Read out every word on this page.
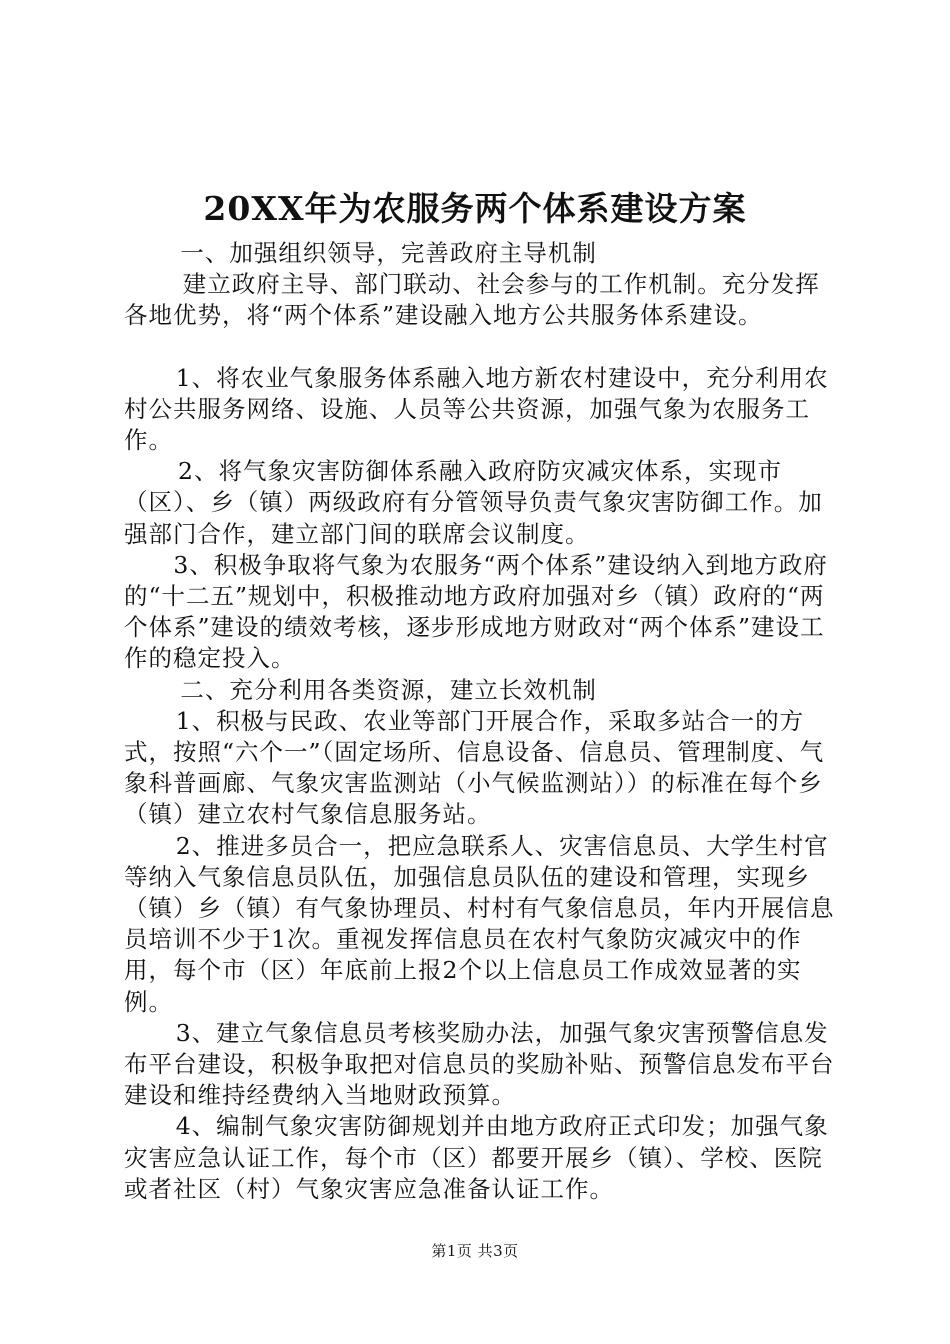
20XX年为农服务两个体系建设方案

一、加强组织领导，完善政府主导机制

建立政府主导、部门联动、社会参与的工作机制。充分发挥各地优势，将“两个体系”建设融入地方公共服务体系建设。

1、将农业气象服务体系融入地方新农村建设中，充分利用农村公共服务网络、设施、人员等公共资源，加强气象为农服务工作。

2、将气象灾害防御体系融入政府防灾减灾体系，实现市（区）、乡（镇）两级政府有分管领导负责气象灾害防御工作。加强部门合作，建立部门间的联席会议制度。

3、积极争取将气象为农服务“两个体系”建设纳入到地方政府的“十二五”规划中，积极推动地方政府加强对乡（镇）政府的“两个体系”建设的绩效考核，逐步形成地方财政对“两个体系”建设工作的稳定投入。

二、充分利用各类资源，建立长效机制

1、积极与民政、农业等部门开展合作，采取多站合一的方式，按照“六个一”（固定场所、信息设备、信息员、管理制度、气象科普画廊、气象灾害监测站（小气候监测站））的标准在每个乡（镇）建立农村气象信息服务站。

2、推进多员合一，把应急联系人、灾害信息员、大学生村官等纳入气象信息员队伍，加强信息员队伍的建设和管理，实现乡（镇）乡（镇）有气象协理员、村村有气象信息员，年内开展信息员培训不少于1次。重视发挥信息员在农村气象防灾减灾中的作用，每个市（区）年底前上报2个以上信息员工作成效显著的实例。

3、建立气象信息员考核奖励办法，加强气象灾害预警信息发布平台建设，积极争取把对信息员的奖励补贴、预警信息发布平台建设和维持经费纳入当地财政预算。

4、编制气象灾害防御规划并由地方政府正式印发；加强气象灾害应急认证工作，每个市（区）都要开展乡（镇）、学校、医院或者社区（村）气象灾害应急准备认证工作。

第1页 共3页
